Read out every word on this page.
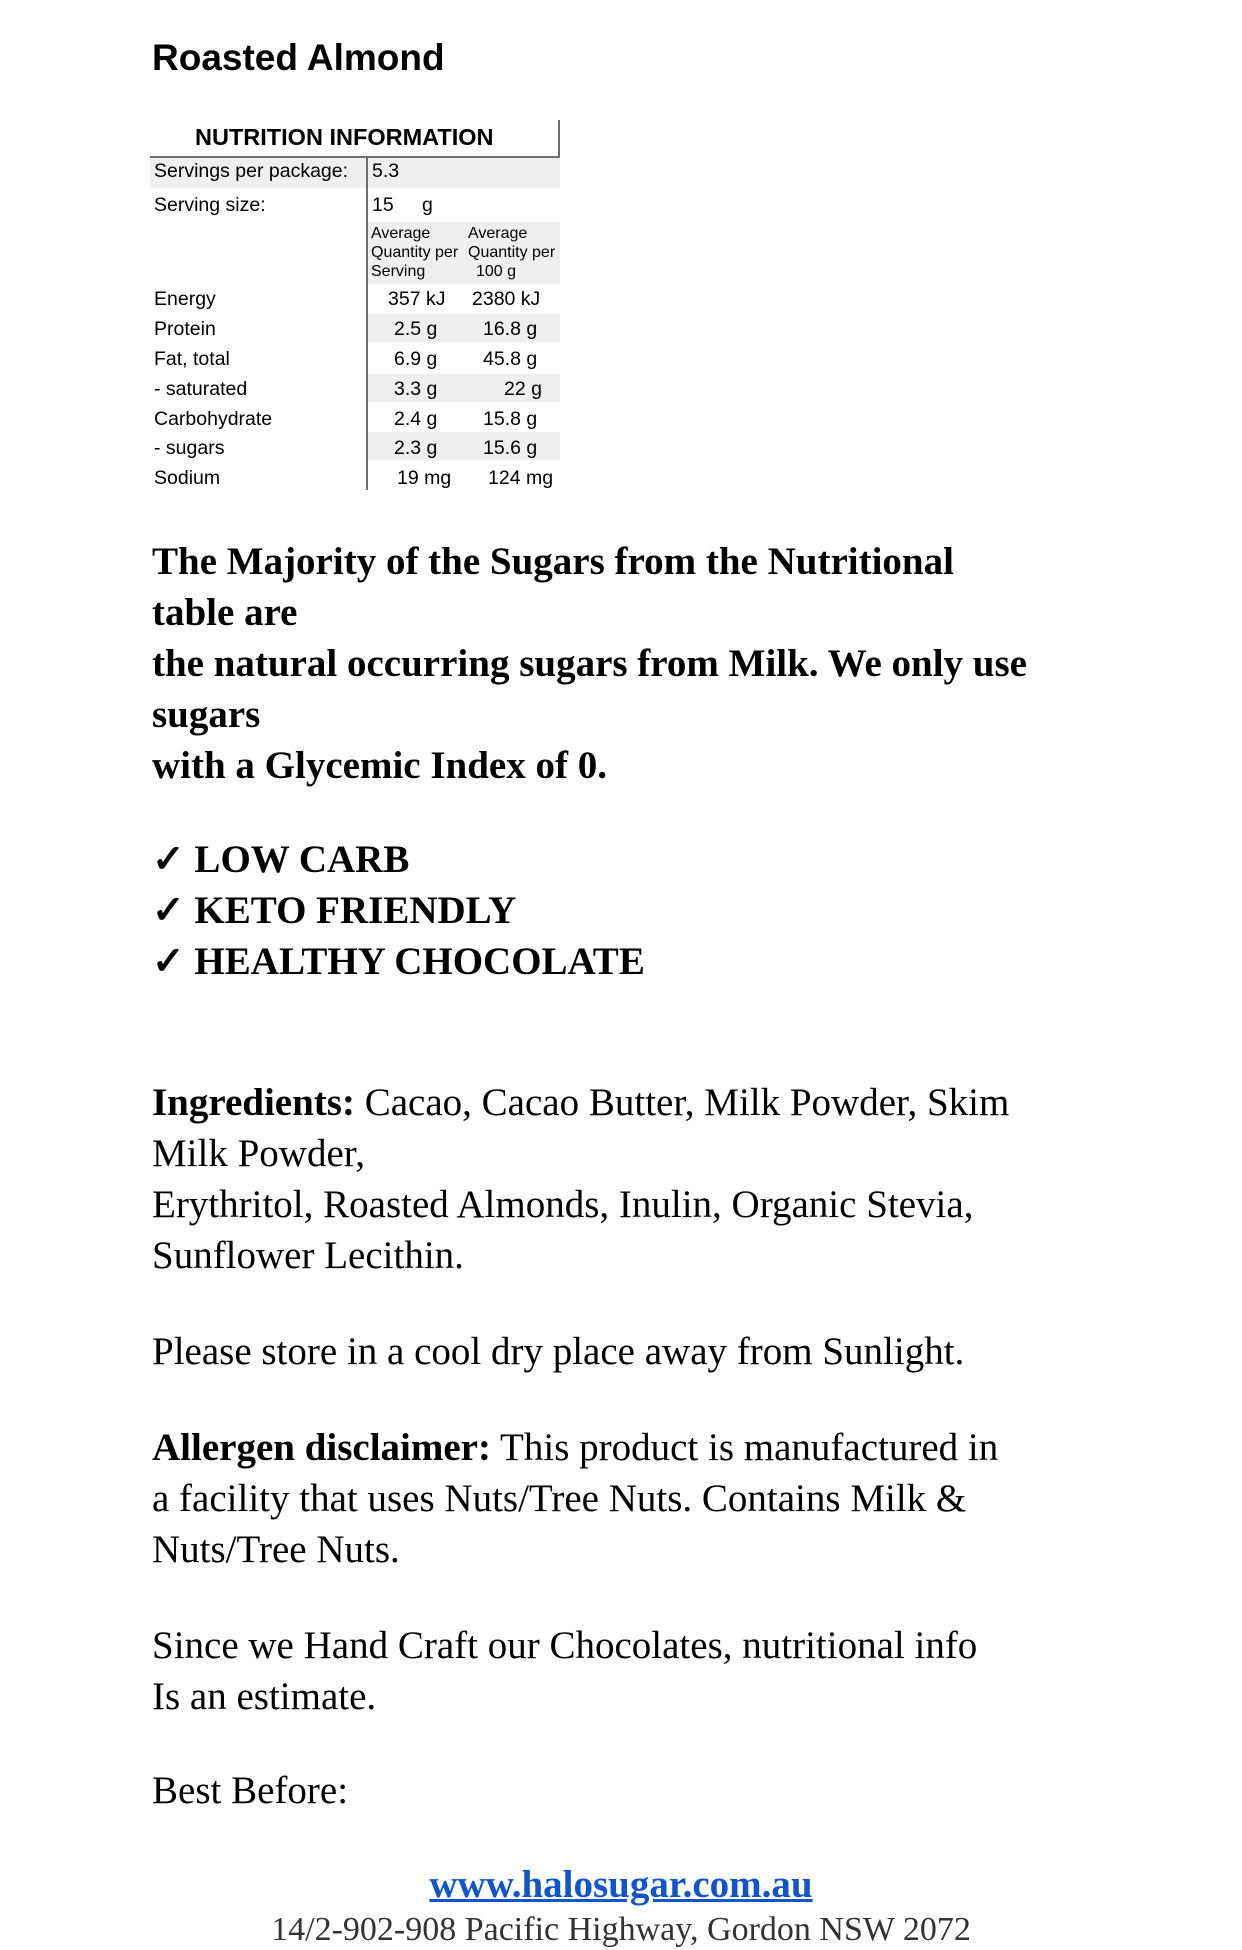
Roasted Almond
NUTRITION INFORMATION
Servings per package: 5.3
Serving size:	15 g
Average
Quantity per
Serving
Average
Quantity per
100 g
Energy	357 kJ 2380 kJ
Protein	2.5 g 16.8 g
Fat, total	6.9 g 45.8 g
- saturated	3.3 g	22 g
Carbohydrate	2.4 g 15.8 g
- sugars	2.3 g 15.6 g
Sodium	19 mg 124 mg
The Majority of the Sugars from the Nutritional
table are
the natural occurring sugars from Milk. We only use
sugars
with a Glycemic Index of 0.
✓ LOW CARB
✓ KETO FRIENDLY
✓ HEALTHY CHOCOLATE
Ingredients: Cacao, Cacao Butter, Milk Powder, Skim
Milk Powder,
Erythritol, Roasted Almonds, Inulin, Organic Stevia,
Sunflower Lecithin.
Please store in a cool dry place away from Sunlight.
Allergen disclaimer: This product is manufactured in
a facility that uses Nuts/Tree Nuts. Contains Milk &
Nuts/Tree Nuts.
Since we Hand Craft our Chocolates, nutritional info
Is an estimate.
Best Before:
www.halosugar.com.au
14/2-902-908 Pacific Highway, Gordon NSW 2072
